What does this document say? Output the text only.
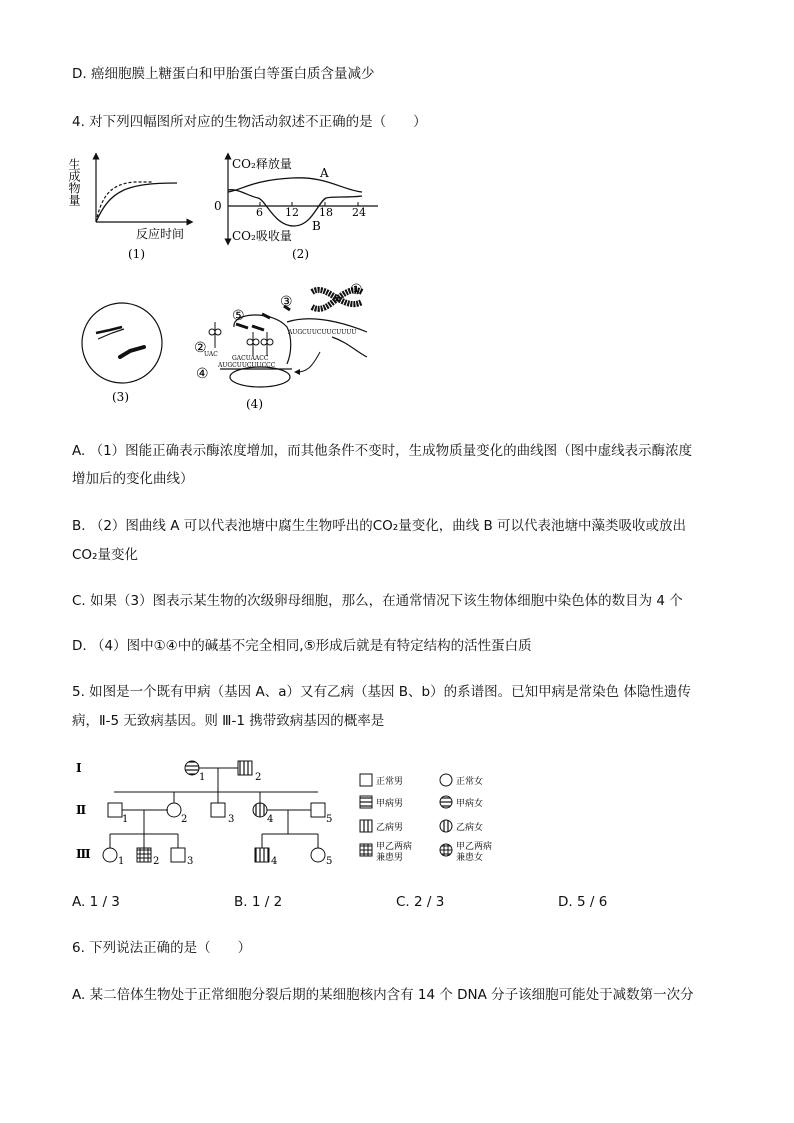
D. 癌细胞膜上糖蛋白和甲胎蛋白等蛋白质含量减少
4. 对下列四幅图所对应的生物活动叙述不正确的是（　　）
生成物量
反应时间
(1)
CO₂释放量
A
0	6 12 18 24
B
CO₂吸收量
(2)
(3)
AUGCUUCUUCUUUU
AUGCUUCUUCCC
GACUAACC
UAC
①
②
③
④
⑤
(4)
A. （1）图能正确表示酶浓度增加，而其他条件不变时，生成物质量变化的曲线图（图中虚线表示酶浓度
增加后的变化曲线）
B. （2）图曲线 A 可以代表池塘中腐生生物呼出的CO₂量变化，曲线 B 可以代表池塘中藻类吸收或放出
CO₂量变化
C. 如果（3）图表示某生物的次级卵母细胞，那么，在通常情况下该生物体细胞中染色体的数目为 4 个
D. （4）图中①④中的碱基不完全相同,⑤形成后就是有特定结构的活性蛋白质
5. 如图是一个既有甲病（基因 A、a）又有乙病（基因 B、b）的系谱图。已知甲病是常染色 体隐性遗传
病，Ⅱ-5 无致病基因。则 Ⅲ-1 携带致病基因的概率是
Ⅰ
Ⅱ
Ⅲ
1	2
1	2	3	4	5
1	2	3	4	5
正常男	正常女
甲病男	甲病女
乙病男	乙病女
甲乙两病
兼患男
甲乙两病
兼患女
A. 1 / 3	B. 1 / 2	C. 2 / 3	D. 5 / 6
6. 下列说法正确的是（　　）
A. 某二倍体生物处于正常细胞分裂后期的某细胞核内含有 14 个 DNA 分子该细胞可能处于减数第一次分
